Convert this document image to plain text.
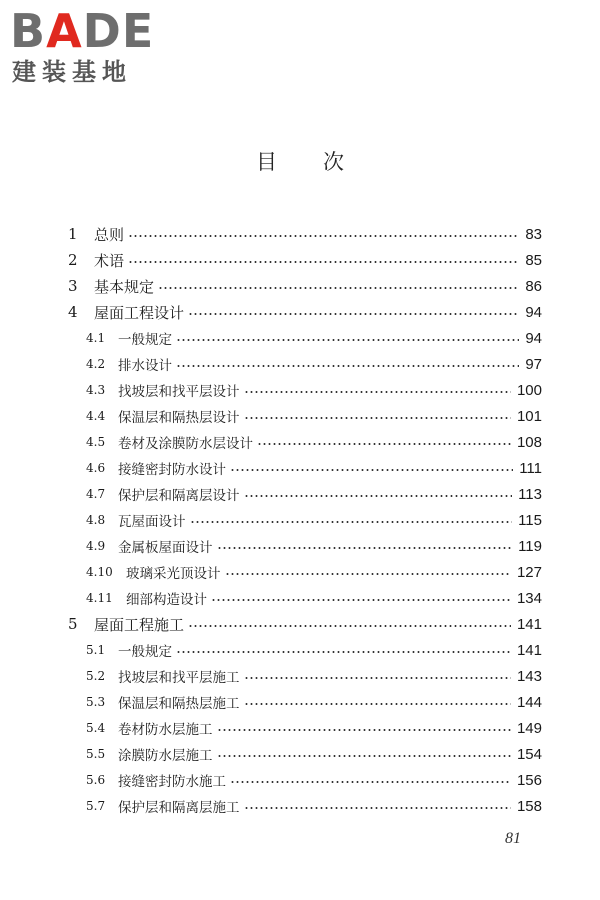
BADE
建装基地
目次
1	总则	83
2	术语	85
3	基本规定	86
4	屋面工程设计	94
4.1 一般规定	94
4.2 排水设计	97
4.3 找坡层和找平层设计	100
4.4 保温层和隔热层设计	101
4.5 卷材及涂膜防水层设计	108
4.6 接缝密封防水设计	111
4.7 保护层和隔离层设计	113
4.8 瓦屋面设计	115
4.9 金属板屋面设计	119
4.10 玻璃采光顶设计	127
4.11 细部构造设计	134
5	屋面工程施工	141
5.1 一般规定	141
5.2 找坡层和找平层施工	143
5.3 保温层和隔热层施工	144
5.4 卷材防水层施工	149
5.5 涂膜防水层施工	154
5.6 接缝密封防水施工	156
5.7 保护层和隔离层施工	158
81
